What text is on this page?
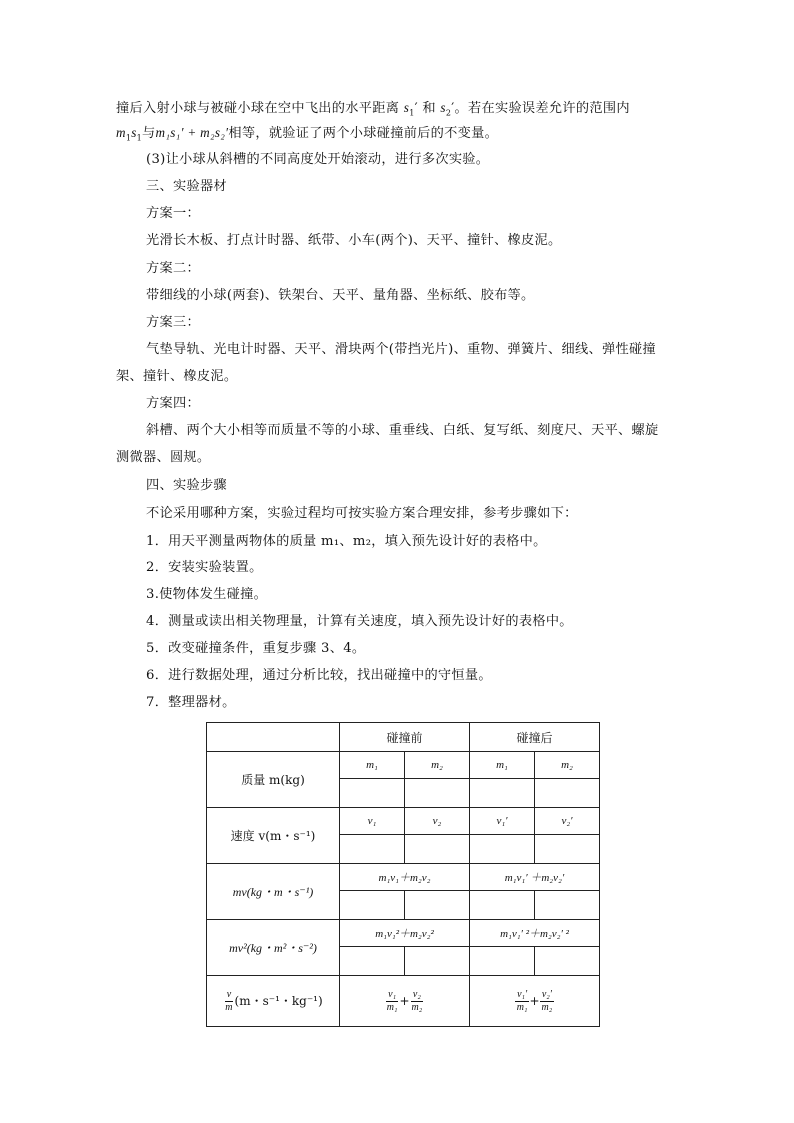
撞后入射小球与被碰小球在空中飞出的水平距离 $s_1'$ 和 $s_2'$。若在实验误差允许的范围内
$m_1s_1$与m₁s₁′ + m₂s₂′相等，就验证了两个小球碰撞前后的不变量。
(3)让小球从斜槽的不同高度处开始滚动，进行多次实验。
三、实验器材
方案一：
光滑长木板、打点计时器、纸带、小车(两个)、天平、撞针、橡皮泥。
方案二：
带细线的小球(两套)、铁架台、天平、量角器、坐标纸、胶布等。
方案三：
气垫导轨、光电计时器、天平、滑块两个(带挡光片)、重物、弹簧片、细线、弹性碰撞
架、撞针、橡皮泥。
方案四：
斜槽、两个大小相等而质量不等的小球、重垂线、白纸、复写纸、刻度尺、天平、螺旋
测微器、圆规。
四、实验步骤
不论采用哪种方案，实验过程均可按实验方案合理安排，参考步骤如下：
1．用天平测量两物体的质量 m₁、m₂，填入预先设计好的表格中。
2．安装实验装置。
3.使物体发生碰撞。
4．测量或读出相关物理量，计算有关速度，填入预先设计好的表格中。
5．改变碰撞条件，重复步骤 3、4。
6．进行数据处理，通过分析比较，找出碰撞中的守恒量。
7．整理器材。
	碰撞前		碰撞后	
质量 m(kg)	m₁	m₂	m₁	m₂

速度 v(m・s⁻¹)	v₁	v₂	v₁′	v₂′

mv(kg・m・s⁻¹)	m₁v₁＋m₂v₂		m₁v₁′ ＋m₂v₂′	

mv²(kg・m²・s⁻²)	m₁v₁²＋m₂v₂²		m₁v₁′ ²＋m₂v₂′ ²	

$\frac{v}{m} (m$・s⁻¹・kg⁻¹)	$\frac{\text{v₁}}{\text{m₁}} + \frac{\text{v₂}}{\text{m₂}}$		$\frac{\text{v₁′}}{\text{m₁}} + \frac{\text{v₂′}}{\text{m₂}}$
